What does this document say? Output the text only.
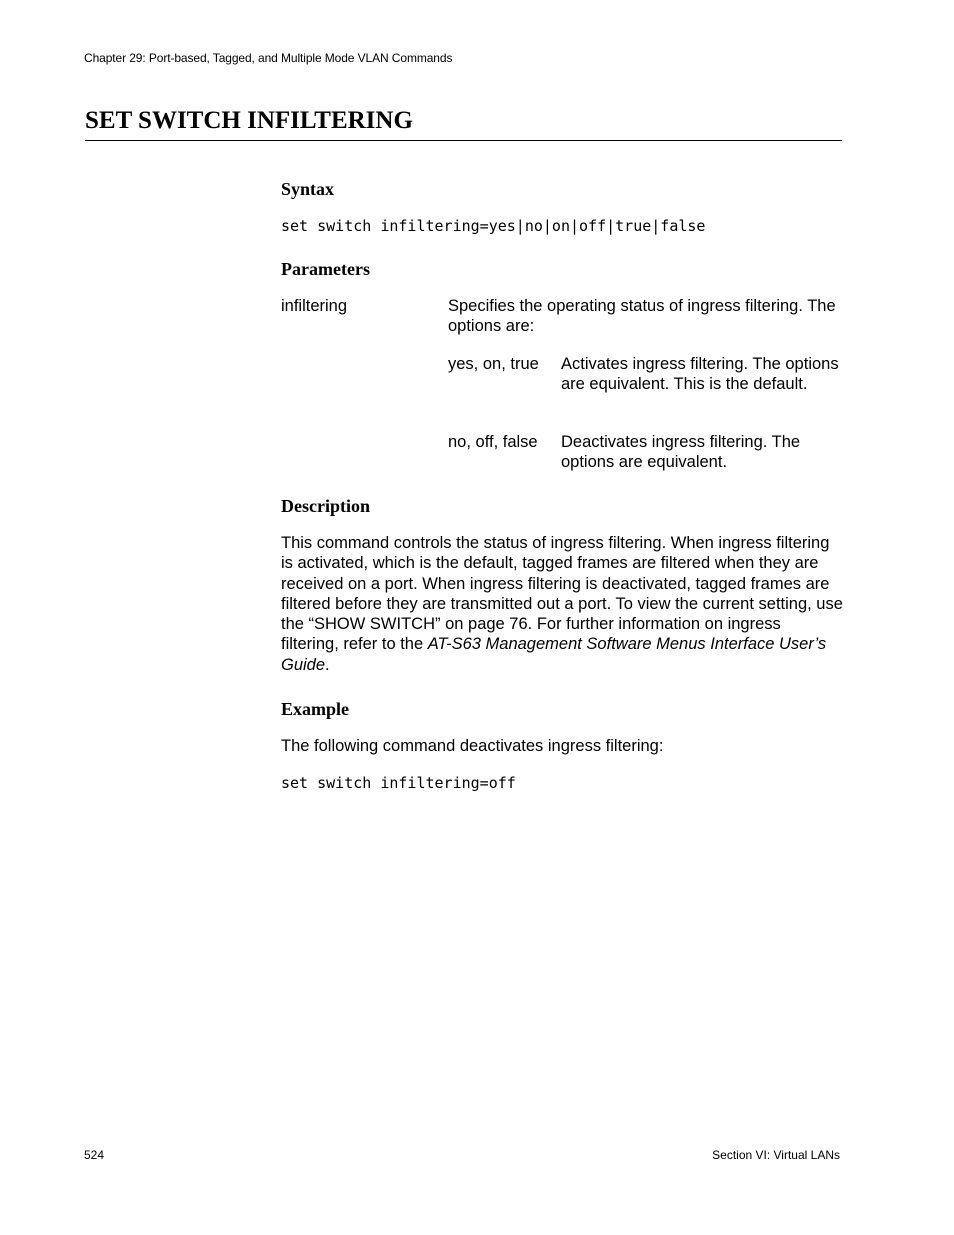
Chapter 29: Port-based, Tagged, and Multiple Mode VLAN Commands
SET SWITCH INFILTERING
Syntax
set switch infiltering=yes|no|on|off|true|false
Parameters
infiltering	Specifies the operating status of ingress filtering. The options are:
yes, on, true Activates ingress filtering. The options are equivalent. This is the default.
no, off, false Deactivates ingress filtering. The options are equivalent.
Description
This command controls the status of ingress filtering. When ingress filtering is activated, which is the default, tagged frames are filtered when they are received on a port. When ingress filtering is deactivated, tagged frames are filtered before they are transmitted out a port. To view the current setting, use the “SHOW SWITCH” on page 76. For further information on ingress filtering, refer to the AT-S63 Management Software Menus Interface User’s Guide.
Example
The following command deactivates ingress filtering:
set switch infiltering=off
524	Section VI: Virtual LANs
